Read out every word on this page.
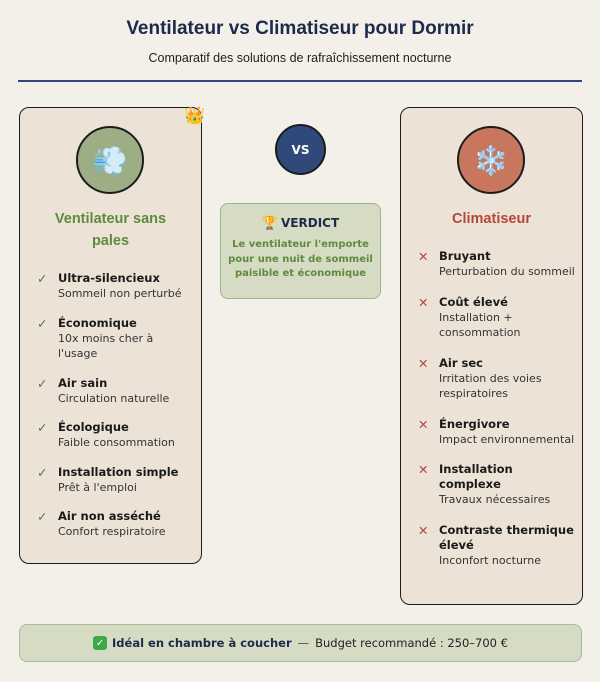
Ventilateur vs Climatiseur pour Dormir
Comparatif des solutions de rafraîchissement nocturne
💨
Ventilateur sans pales
✓ Ultra-silencieux
Sommeil non perturbé
✓ Économique
10x moins cher à l'usage
✓ Air sain
Circulation naturelle
✓ Écologique
Faible consommation
✓ Installation simple
Prêt à l'emploi
✓ Air non asséché
Confort respiratoire
👑
VS
🏆 VERDICT
Le ventilateur l'emporte pour une nuit de sommeil paisible et économique
❄️
Climatiseur
✕ Bruyant
Perturbation du sommeil
✕ Coût élevé
Installation + consommation
✕ Air sec
Irritation des voies respiratoires
✕ Énergivore
Impact environnemental
✕ Installation complexe
Travaux nécessaires
✕ Contraste thermique élevé
Inconfort nocturne
✓ Idéal en chambre à coucher — Budget recommandé : 250–700 €
